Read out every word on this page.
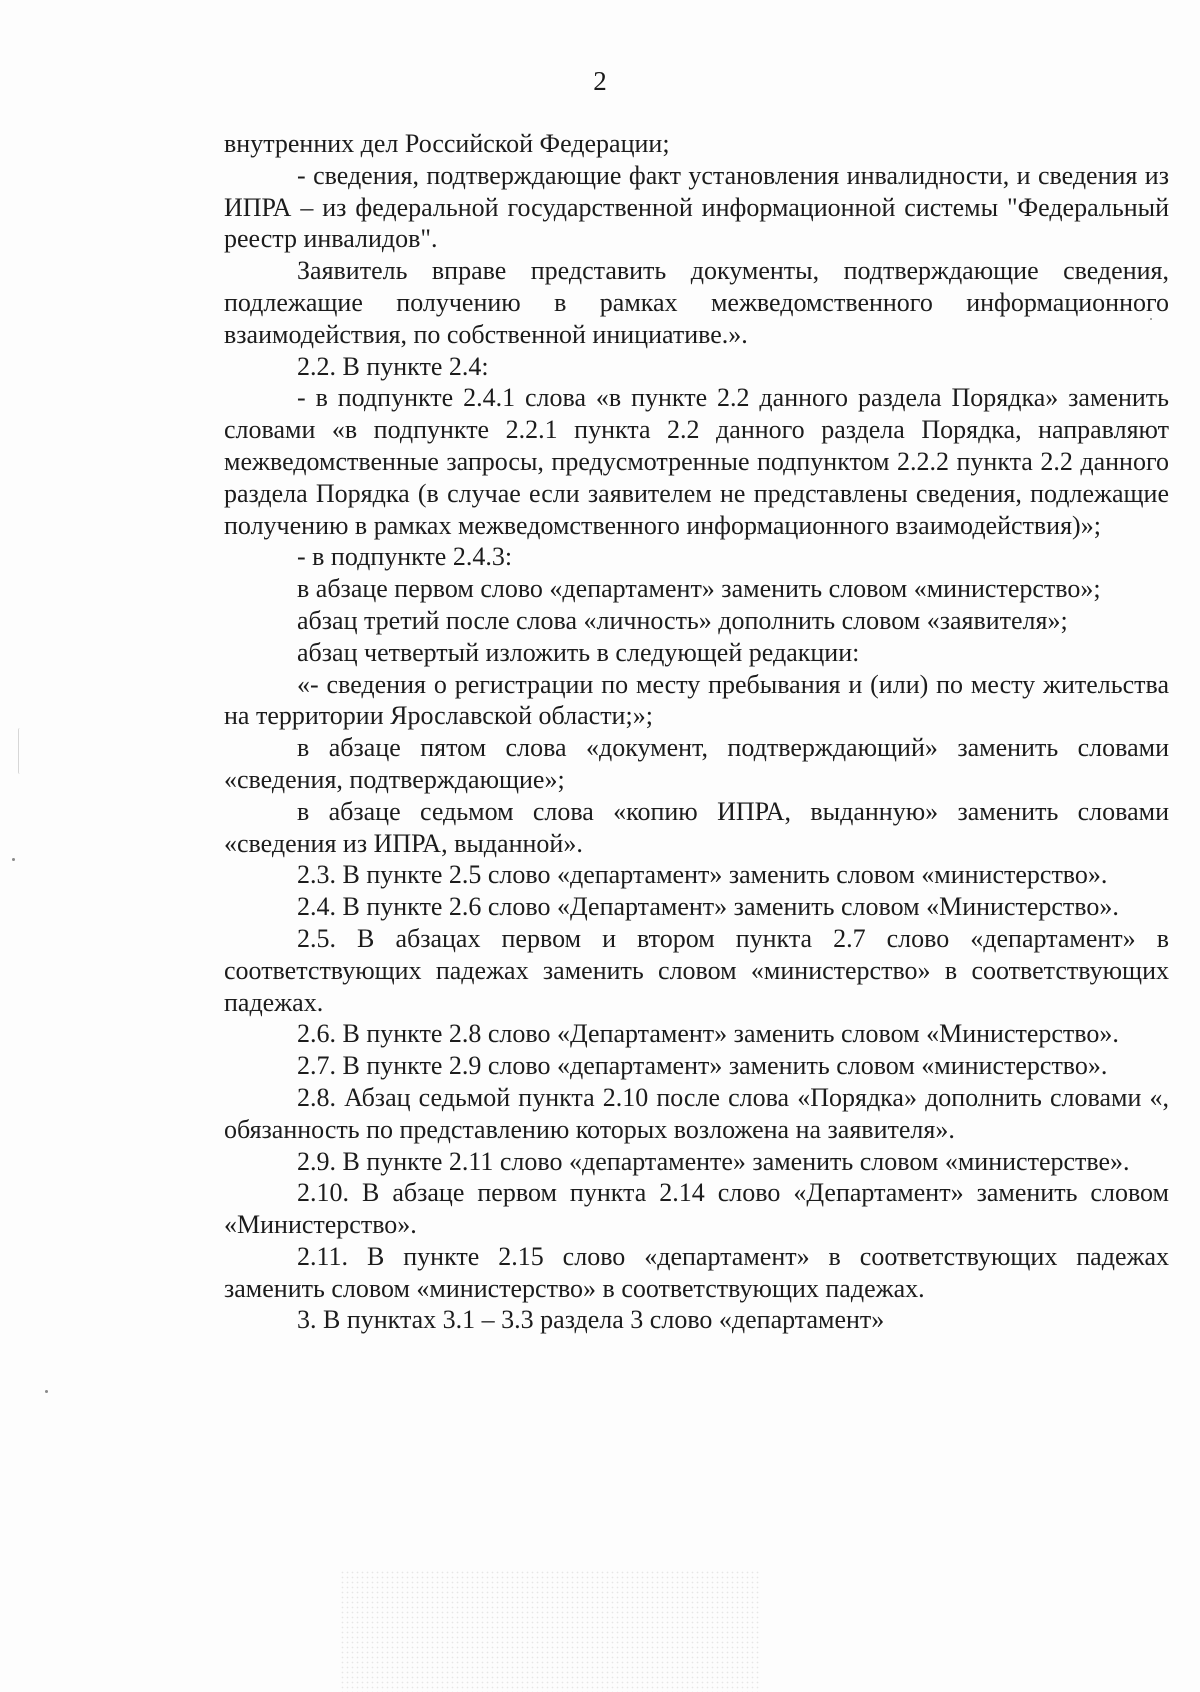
2

внутренних дел Российской Федерации;

- сведения, подтверждающие факт установления инвалидности, и сведения из ИПРА – из федеральной государственной информационной системы "Федеральный реестр инвалидов".

Заявитель вправе представить документы, подтверждающие сведения, подлежащие получению в рамках межведомственного информационного взаимодействия, по собственной инициативе.».

2.2. В пункте 2.4:

- в подпункте 2.4.1 слова «в пункте 2.2 данного раздела Порядка» заменить словами «в подпункте 2.2.1 пункта 2.2 данного раздела Порядка, направляют межведомственные запросы, предусмотренные подпунктом 2.2.2 пункта 2.2 данного раздела Порядка (в случае если заявителем не представлены сведения, подлежащие получению в рамках межведомственного информационного взаимодействия)»;

- в подпункте 2.4.3:

в абзаце первом слово «департамент» заменить словом «министерство»;

абзац третий после слова «личность» дополнить словом «заявителя»;

абзац четвертый изложить в следующей редакции:

«- сведения о регистрации по месту пребывания и (или) по месту жительства на территории Ярославской области;»;

в абзаце пятом слова «документ, подтверждающий» заменить словами «сведения, подтверждающие»;

в абзаце седьмом слова «копию ИПРА, выданную» заменить словами «сведения из ИПРА, выданной».

2.3. В пункте 2.5 слово «департамент» заменить словом «министерство».

2.4. В пункте 2.6 слово «Департамент» заменить словом «Министерство».

2.5. В абзацах первом и втором пункта 2.7 слово «департамент» в соответствующих падежах заменить словом «министерство» в соответствующих падежах.

2.6. В пункте 2.8 слово «Департамент» заменить словом «Министерство».

2.7. В пункте 2.9 слово «департамент» заменить словом «министерство».

2.8. Абзац седьмой пункта 2.10 после слова «Порядка» дополнить словами «, обязанность по представлению которых возложена на заявителя».

2.9. В пункте 2.11 слово «департаменте» заменить словом «министерстве».

2.10. В абзаце первом пункта 2.14 слово «Департамент» заменить словом «Министерство».

2.11. В пункте 2.15 слово «департамент» в соответствующих падежах заменить словом «министерство» в соответствующих падежах.

3. В пунктах 3.1 – 3.3 раздела 3 слово «департамент»
